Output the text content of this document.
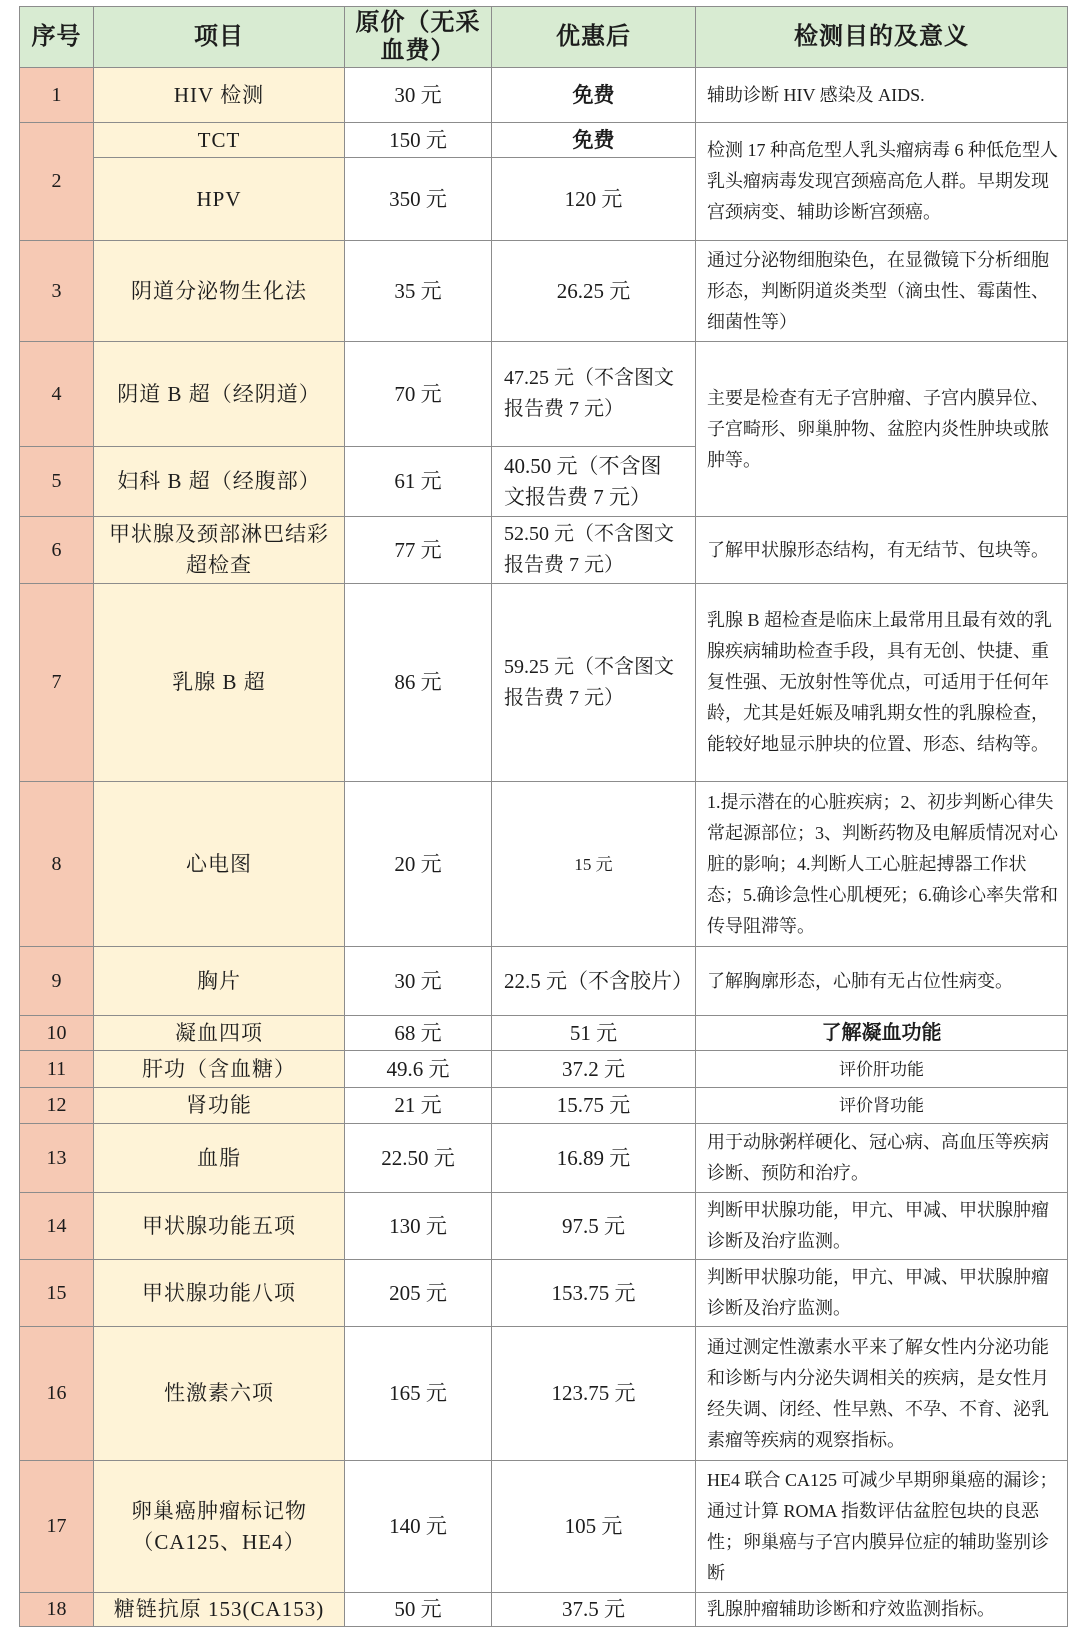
序号	项目	原价（无采血费）	优惠后	检测目的及意义
1	HIV 检测	30 元	免费	辅助诊断 HIV 感染及 AIDS.
2	TCT	150 元	免费	检测 17 种高危型人乳头瘤病毒 6 种低危型人乳头瘤病毒发现宫颈癌高危人群。早期发现宫颈病变、辅助诊断宫颈癌。
	HPV	350 元	120 元	
3	阴道分泌物生化法	35 元	26.25 元	通过分泌物细胞染色，在显微镜下分析细胞形态，判断阴道炎类型（滴虫性、霉菌性、细菌性等）
4	阴道 B 超（经阴道）	70 元	47.25 元（不含图文报告费 7 元）	主要是检查有无子宫肿瘤、子宫内膜异位、子宫畸形、卵巢肿物、盆腔内炎性肿块或脓肿等。
5	妇科 B 超（经腹部）	61 元	40.50 元（不含图文报告费 7 元）	
6	甲状腺及颈部淋巴结彩超检查	77 元	52.50 元（不含图文报告费 7 元）	了解甲状腺形态结构，有无结节、包块等。
7	乳腺 B 超	86 元	59.25 元（不含图文报告费 7 元）	乳腺 B 超检查是临床上最常用且最有效的乳腺疾病辅助检查手段，具有无创、快捷、重复性强、无放射性等优点，可适用于任何年龄，尤其是妊娠及哺乳期女性的乳腺检查，能较好地显示肿块的位置、形态、结构等。
8	心电图	20 元	15 元	1.提示潜在的心脏疾病；2、初步判断心律失常起源部位；3、判断药物及电解质情况对心脏的影响；4.判断人工心脏起搏器工作状态；5.确诊急性心肌梗死；6.确诊心率失常和传导阻滞等。
9	胸片	30 元	22.5 元（不含胶片）	了解胸廓形态，心肺有无占位性病变。
10	凝血四项	68 元	51 元	了解凝血功能
11	肝功（含血糖）	49.6 元	37.2 元	评价肝功能
12	肾功能	21 元	15.75 元	评价肾功能
13	血脂	22.50 元	16.89 元	用于动脉粥样硬化、冠心病、高血压等疾病诊断、预防和治疗。
14	甲状腺功能五项	130 元	97.5 元	判断甲状腺功能，甲亢、甲减、甲状腺肿瘤诊断及治疗监测。
15	甲状腺功能八项	205 元	153.75 元	判断甲状腺功能，甲亢、甲减、甲状腺肿瘤诊断及治疗监测。
16	性激素六项	165 元	123.75 元	通过测定性激素水平来了解女性内分泌功能和诊断与内分泌失调相关的疾病，是女性月经失调、闭经、性早熟、不孕、不育、泌乳素瘤等疾病的观察指标。
17	卵巢癌肿瘤标记物（CA125、HE4）	140 元	105 元	HE4 联合 CA125 可减少早期卵巢癌的漏诊；通过计算 ROMA 指数评估盆腔包块的良恶性；卵巢癌与子宫内膜异位症的辅助鉴别诊断
18	糖链抗原 153(CA153)	50 元	37.5 元	乳腺肿瘤辅助诊断和疗效监测指标。
